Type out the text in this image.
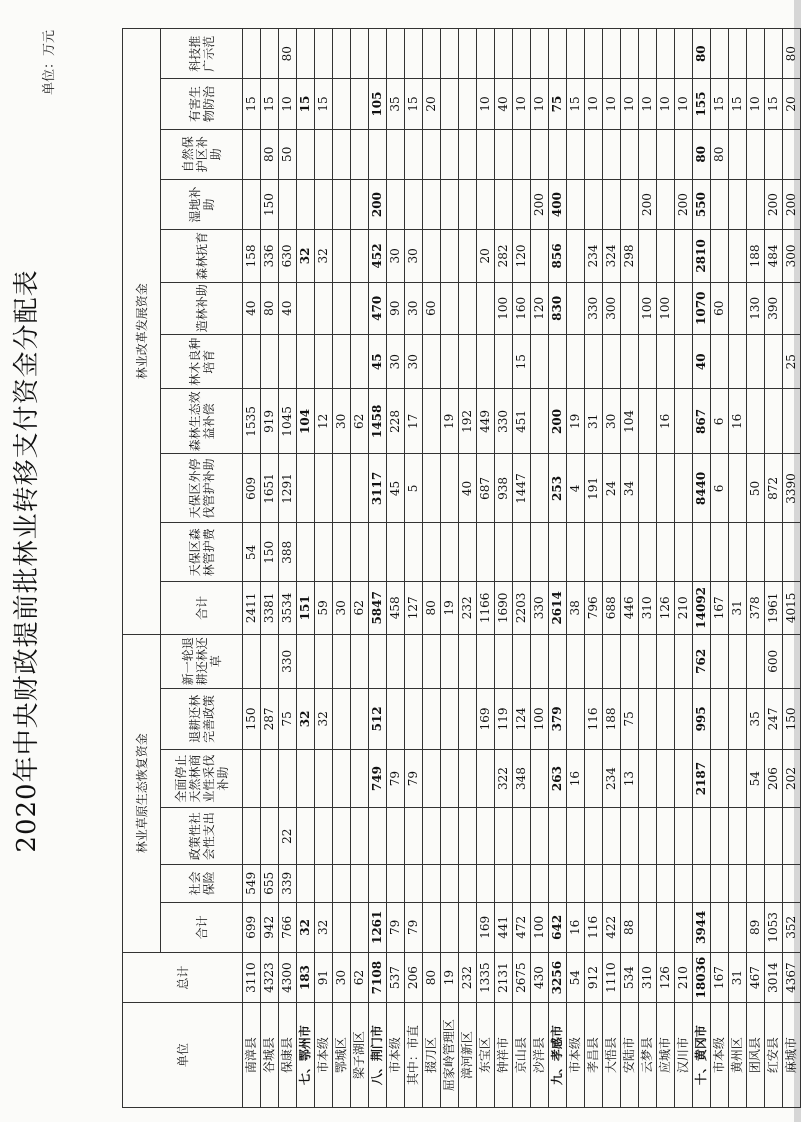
2020年中央财政提前批林业转移支付资金分配表
单位：万元
单位	总计	林业草原生态恢复资金						林业改革发展资金										
		合计	社会保险	政策性社会性支出	全面停止天然林商业性采伐补助	退耕还林完善政策	新一轮退耕还林还草	合计	天保区森林管护费	天保区外停伐管护补助	森林生态效益补偿	林木良种培育	造林补助	森林抚育	湿地补助	自然保护区补助	有害生物防治	科技推广示范
南漳县	3110	699	549			150		2411	54	609	1535		40	158			15	
谷城县	4323	942	655			287		3381	150	1651	919		80	336	150	80	15	
保康县	4300	766	339	22		75	330	3534	388	1291	1045		40	630		50	10	80
七、鄂州市	183	32				32		151			104			32			15	
市本级	91	32				32		59			12			32			15	
鄂城区	30							30			30							
梁子湖区	62							62			62							
八、荆门市	7108	1261			749	512		5847		3117	1458	45	470	452	200		105	
市本级	537	79			79			458		45	228	30	90	30			35	
其中：市直	206	79			79			127		5	17	30	30	30			15	
掇刀区	80							80					60				20	
屈家岭管理区	19							19			19							
漳河新区	232							232		40	192							
东宝区	1335	169				169		1166		687	449			20			10	
钟祥市	2131	441			322	119		1690		938	330		100	282			40	
京山县	2675	472			348	124		2203		1447	451	15	160	120			10	
沙洋县	430	100				100		330					120		200		10	
九、孝感市	3256	642			263	379		2614		253	200		830	856	400		75	
市本级	54	16			16			38		4	19						15	
孝昌县	912	116				116		796		191	31		330	234			10	
大悟县	1110	422			234	188		688		24	30		300	324			10	
安陆市	534	88			13	75		446		34	104			298			10	
云梦县	310							310					100		200		10	
应城市	126							126			16		100				10	
汉川市	210							210							200		10	
十、黄冈市	18036	3944			2187	995	762	14092		8440	867	40	1070	2810	550	80	155	80
市本级	167							167		6	6		60			80	15	
黄州区	31							31			16						15	
团风县	467	89			54	35		378		50			130	188			10	
红安县	3014	1053			206	247	600	1961		872			390	484	200		15	
麻城市	4367	352			202	150		4015		3390		25		300	200		20	80
